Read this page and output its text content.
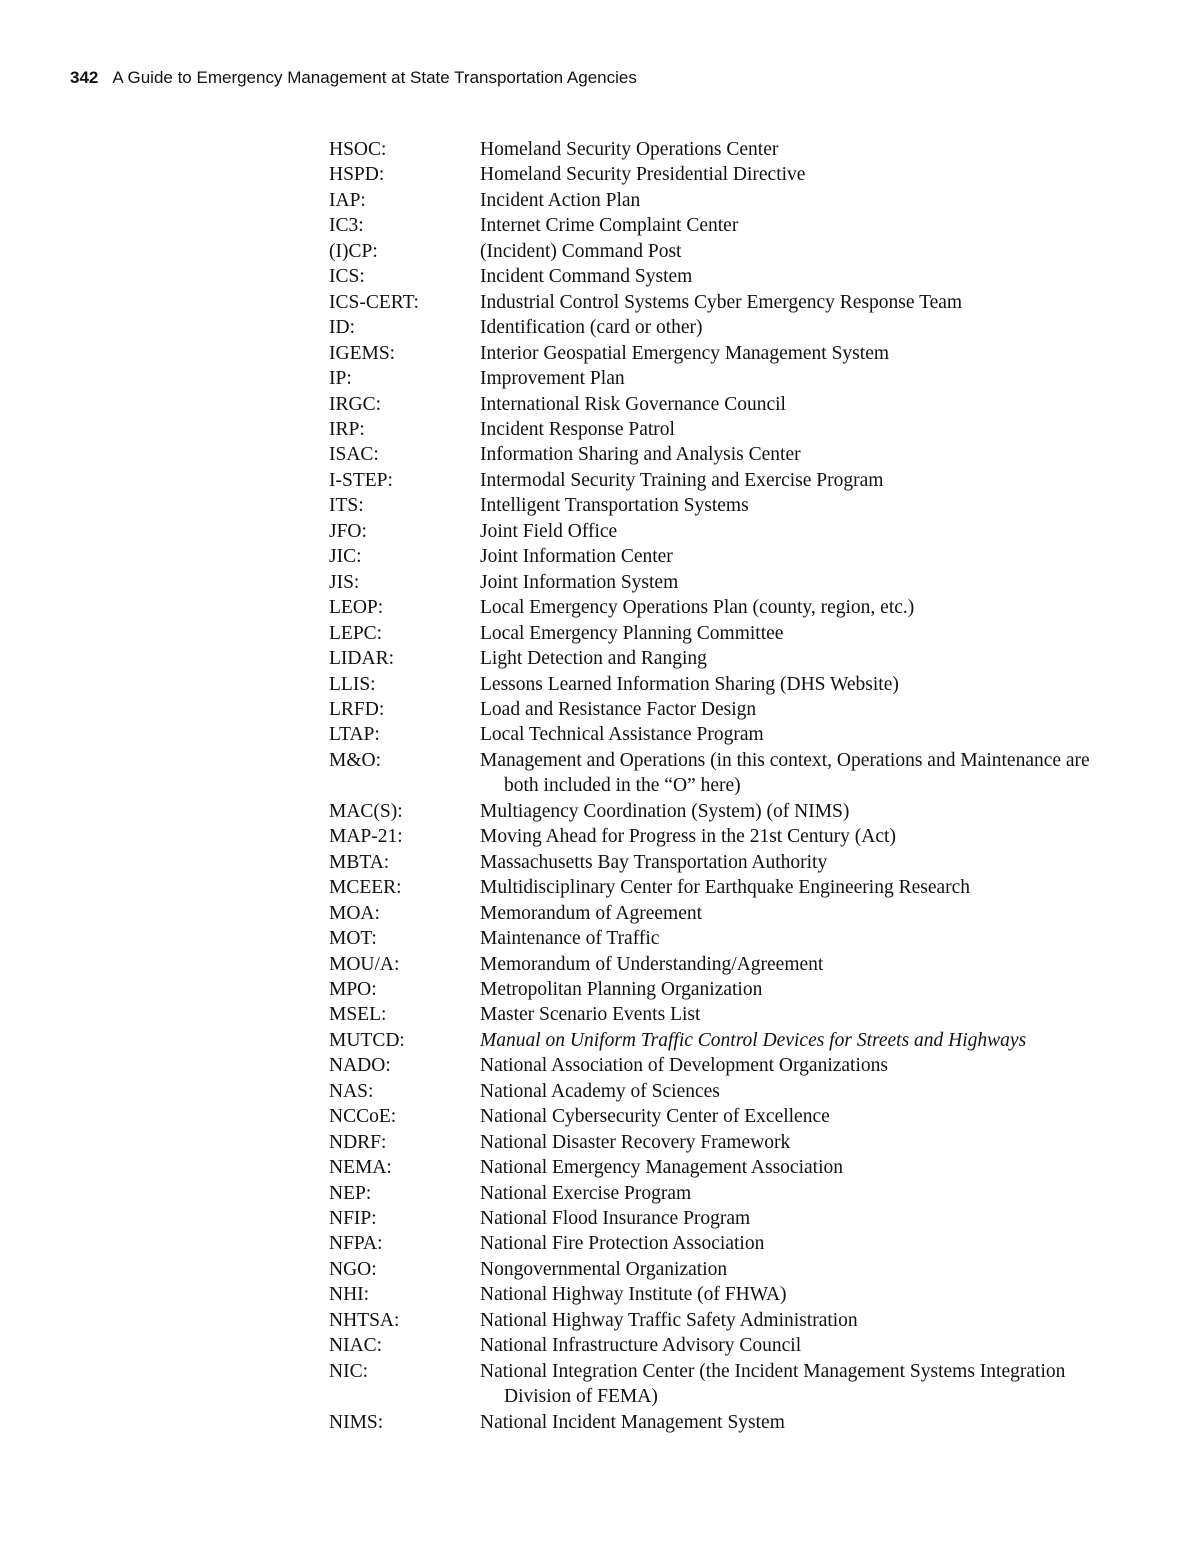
342 A Guide to Emergency Management at State Transportation Agencies
HSOC:	Homeland Security Operations Center
HSPD:	Homeland Security Presidential Directive
IAP:	Incident Action Plan
IC3:	Internet Crime Complaint Center
(I)CP:	(Incident) Command Post
ICS:	Incident Command System
ICS-CERT:	Industrial Control Systems Cyber Emergency Response Team
ID:	Identification (card or other)
IGEMS:	Interior Geospatial Emergency Management System
IP:	Improvement Plan
IRGC:	International Risk Governance Council
IRP:	Incident Response Patrol
ISAC:	Information Sharing and Analysis Center
I-STEP:	Intermodal Security Training and Exercise Program
ITS:	Intelligent Transportation Systems
JFO:	Joint Field Office
JIC:	Joint Information Center
JIS:	Joint Information System
LEOP:	Local Emergency Operations Plan (county, region, etc.)
LEPC:	Local Emergency Planning Committee
LIDAR:	Light Detection and Ranging
LLIS:	Lessons Learned Information Sharing (DHS Website)
LRFD:	Load and Resistance Factor Design
LTAP:	Local Technical Assistance Program
M&O:	Management and Operations (in this context, Operations and Maintenance are both included in the “O” here)
MAC(S):	Multiagency Coordination (System) (of NIMS)
MAP-21:	Moving Ahead for Progress in the 21st Century (Act)
MBTA:	Massachusetts Bay Transportation Authority
MCEER:	Multidisciplinary Center for Earthquake Engineering Research
MOA:	Memorandum of Agreement
MOT:	Maintenance of Traffic
MOU/A:	Memorandum of Understanding/Agreement
MPO:	Metropolitan Planning Organization
MSEL:	Master Scenario Events List
MUTCD:	Manual on Uniform Traffic Control Devices for Streets and Highways
NADO:	National Association of Development Organizations
NAS:	National Academy of Sciences
NCCoE:	National Cybersecurity Center of Excellence
NDRF:	National Disaster Recovery Framework
NEMA:	National Emergency Management Association
NEP:	National Exercise Program
NFIP:	National Flood Insurance Program
NFPA:	National Fire Protection Association
NGO:	Nongovernmental Organization
NHI:	National Highway Institute (of FHWA)
NHTSA:	National Highway Traffic Safety Administration
NIAC:	National Infrastructure Advisory Council
NIC:	National Integration Center (the Incident Management Systems Integration Division of FEMA)
NIMS:	National Incident Management System
